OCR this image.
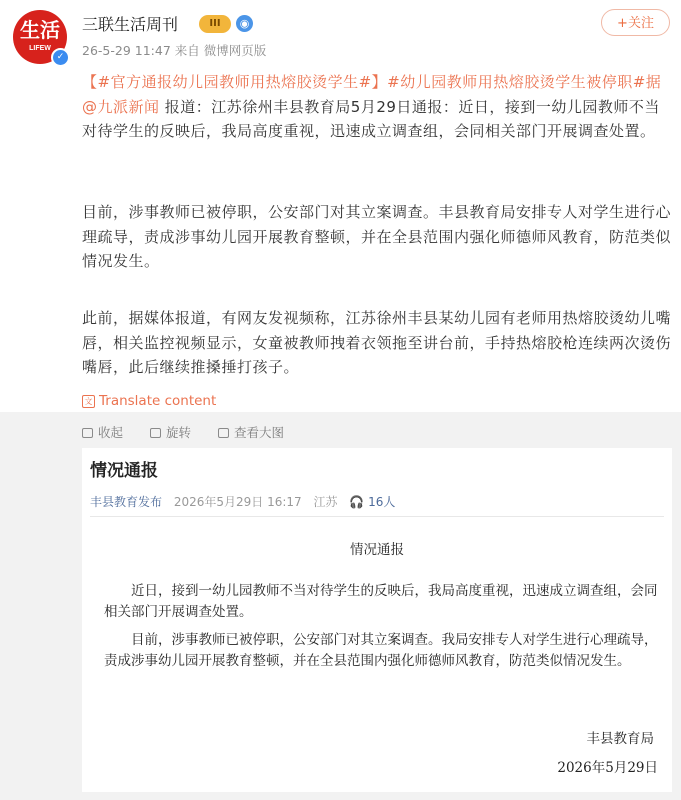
生活
LIFEW
✓
三联生活周刊	III	◉
26-5-29 11:47 来自 微博网页版
+关注
【#官方通报幼儿园教师用热熔胶烫学生#】#幼儿园教师用热熔胶烫学生被停职#据@九派新闻 报道：江苏徐州丰县教育局5月29日通报：近日，接到一幼儿园教师不当对待学生的反映后，我局高度重视，迅速成立调查组，会同相关部门开展调查处置。
目前，涉事教师已被停职，公安部门对其立案调查。丰县教育局安排专人对学生进行心理疏导，责成涉事幼儿园开展教育整顿，并在全县范围内强化师德师风教育，防范类似情况发生。
此前，据媒体报道，有网友发视频称，江苏徐州丰县某幼儿园有老师用热熔胶烫幼儿嘴唇，相关监控视频显示，女童被教师拽着衣领拖至讲台前，手持热熔胶枪连续两次烫伤嘴唇，此后继续推搡捶打孩子。
文 Translate content
收起	旋转	查看大图
情况通报
丰县教育发布 2026年5月29日 16:17 江苏 🎧 16人
情况通报
　　近日，接到一幼儿园教师不当对待学生的反映后，我局高度重视，迅速成立调查组，会同相关部门开展调查处置。
　　目前，涉事教师已被停职，公安部门对其立案调查。我局安排专人对学生进行心理疏导，责成涉事幼儿园开展教育整顿，并在全县范围内强化师德师风教育，防范类似情况发生。
丰县教育局
2026年5月29日
